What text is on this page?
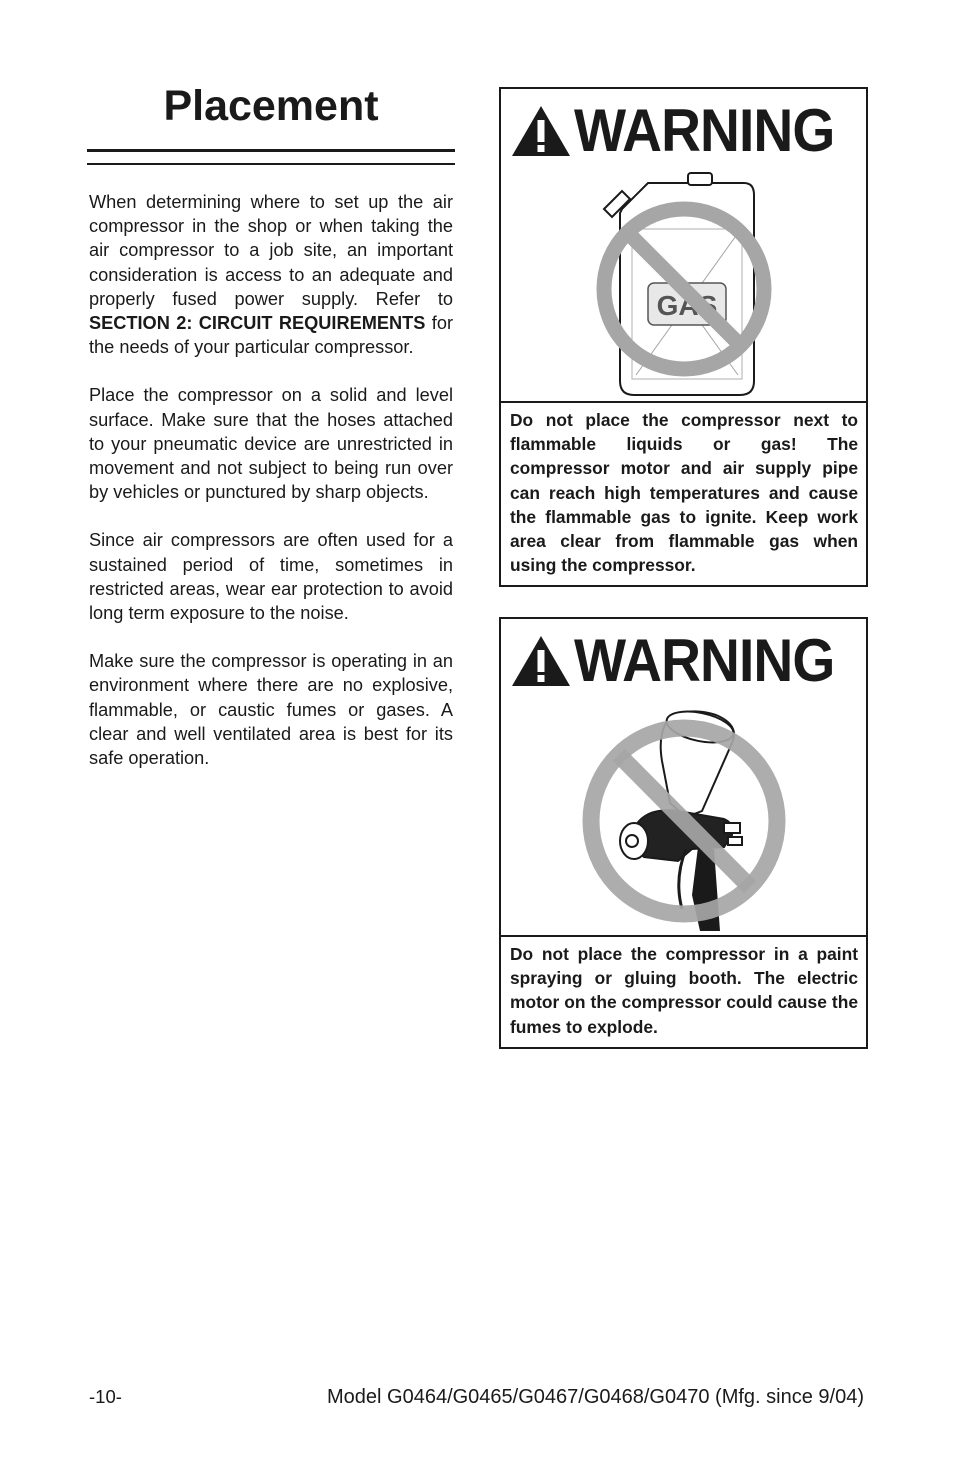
Placement

When determining where to set up the air compressor in the shop or when taking the air compressor to a job site, an important consideration is access to an adequate and properly fused power supply. Refer to SECTION 2: CIRCUIT REQUIREMENTS for the needs of your particular compressor.

Place the compressor on a solid and level surface. Make sure that the hoses attached to your pneumatic device are unrestricted in movement and not subject to being run over by vehicles or punctured by sharp objects.

Since air compressors are often used for a sustained period of time, sometimes in restricted areas, wear ear protection to avoid long term exposure to the noise.

Make sure the compressor is operating in an environment where there are no explosive, flammable, or caustic fumes or gases. A clear and well ventilated area is best for its safe operation.

WARNING
GAS
Do not place the compressor next to flammable liquids or gas! The compressor motor and air supply pipe can reach high temperatures and cause the flammable gas to ignite. Keep work area clear from flammable gas when using the compressor.
WARNING
Do not place the compressor in a paint spraying or gluing booth. The electric motor on the compressor could cause the fumes to explode.
-10-	Model G0464/G0465/G0467/G0468/G0470 (Mfg. since 9/04)
